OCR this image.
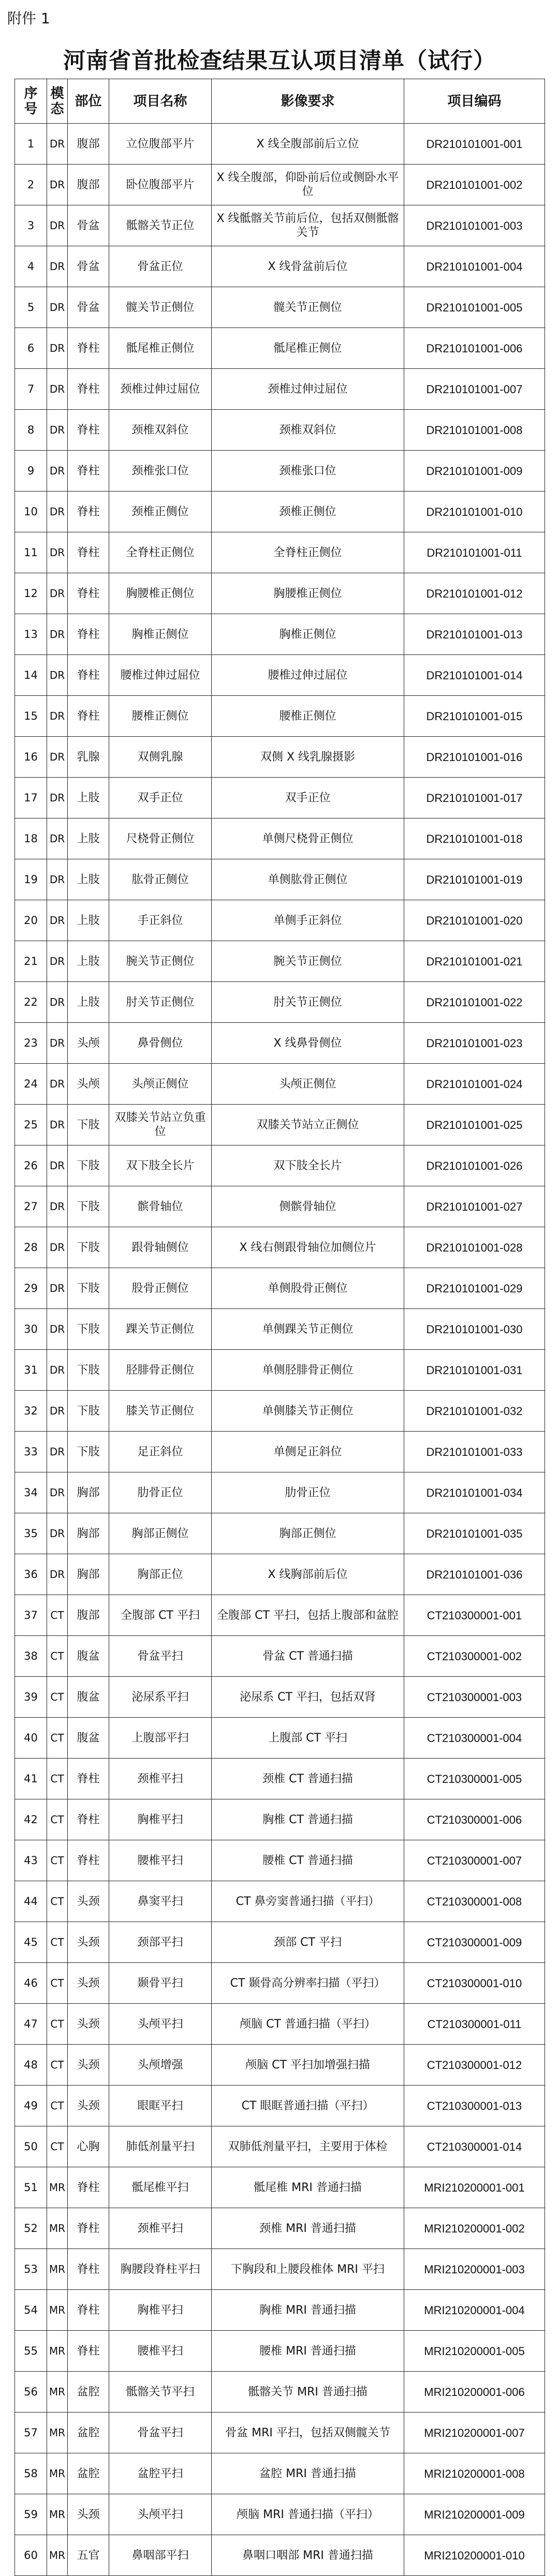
附件 1
河南省首批检查结果互认项目清单（试行）
序号	模态	部位	项目名称	影像要求	项目编码
1	DR	腹部	立位腹部平片	X 线全腹部前后立位	DR210101001-001
2	DR	腹部	卧位腹部平片	X 线全腹部，仰卧前后位或侧卧水平位	DR210101001-002
3	DR	骨盆	骶髂关节正位	X 线骶髂关节前后位，包括双侧骶髂关节	DR210101001-003
4	DR	骨盆	骨盆正位	X 线骨盆前后位	DR210101001-004
5	DR	骨盆	髋关节正侧位	髋关节正侧位	DR210101001-005
6	DR	脊柱	骶尾椎正侧位	骶尾椎正侧位	DR210101001-006
7	DR	脊柱	颈椎过伸过屈位	颈椎过伸过屈位	DR210101001-007
8	DR	脊柱	颈椎双斜位	颈椎双斜位	DR210101001-008
9	DR	脊柱	颈椎张口位	颈椎张口位	DR210101001-009
10	DR	脊柱	颈椎正侧位	颈椎正侧位	DR210101001-010
11	DR	脊柱	全脊柱正侧位	全脊柱正侧位	DR210101001-011
12	DR	脊柱	胸腰椎正侧位	胸腰椎正侧位	DR210101001-012
13	DR	脊柱	胸椎正侧位	胸椎正侧位	DR210101001-013
14	DR	脊柱	腰椎过伸过屈位	腰椎过伸过屈位	DR210101001-014
15	DR	脊柱	腰椎正侧位	腰椎正侧位	DR210101001-015
16	DR	乳腺	双侧乳腺	双侧 X 线乳腺摄影	DR210101001-016
17	DR	上肢	双手正位	双手正位	DR210101001-017
18	DR	上肢	尺桡骨正侧位	单侧尺桡骨正侧位	DR210101001-018
19	DR	上肢	肱骨正侧位	单侧肱骨正侧位	DR210101001-019
20	DR	上肢	手正斜位	单侧手正斜位	DR210101001-020
21	DR	上肢	腕关节正侧位	腕关节正侧位	DR210101001-021
22	DR	上肢	肘关节正侧位	肘关节正侧位	DR210101001-022
23	DR	头颅	鼻骨侧位	X 线鼻骨侧位	DR210101001-023
24	DR	头颅	头颅正侧位	头颅正侧位	DR210101001-024
25	DR	下肢	双膝关节站立负重位	双膝关节站立正侧位	DR210101001-025
26	DR	下肢	双下肢全长片	双下肢全长片	DR210101001-026
27	DR	下肢	髌骨轴位	侧髌骨轴位	DR210101001-027
28	DR	下肢	跟骨轴侧位	X 线右侧跟骨轴位加侧位片	DR210101001-028
29	DR	下肢	股骨正侧位	单侧股骨正侧位	DR210101001-029
30	DR	下肢	踝关节正侧位	单侧踝关节正侧位	DR210101001-030
31	DR	下肢	胫腓骨正侧位	单侧胫腓骨正侧位	DR210101001-031
32	DR	下肢	膝关节正侧位	单侧膝关节正侧位	DR210101001-032
33	DR	下肢	足正斜位	单侧足正斜位	DR210101001-033
34	DR	胸部	肋骨正位	肋骨正位	DR210101001-034
35	DR	胸部	胸部正侧位	胸部正侧位	DR210101001-035
36	DR	胸部	胸部正位	X 线胸部前后位	DR210101001-036
37	CT	腹部	全腹部 CT 平扫	全腹部 CT 平扫，包括上腹部和盆腔	CT210300001-001
38	CT	腹盆	骨盆平扫	骨盆 CT 普通扫描	CT210300001-002
39	CT	腹盆	泌尿系平扫	泌尿系 CT 平扫，包括双肾	CT210300001-003
40	CT	腹盆	上腹部平扫	上腹部 CT 平扫	CT210300001-004
41	CT	脊柱	颈椎平扫	颈椎 CT 普通扫描	CT210300001-005
42	CT	脊柱	胸椎平扫	胸椎 CT 普通扫描	CT210300001-006
43	CT	脊柱	腰椎平扫	腰椎 CT 普通扫描	CT210300001-007
44	CT	头颈	鼻窦平扫	CT 鼻旁窦普通扫描（平扫）	CT210300001-008
45	CT	头颈	颈部平扫	颈部 CT 平扫	CT210300001-009
46	CT	头颈	颞骨平扫	CT 颞骨高分辨率扫描（平扫）	CT210300001-010
47	CT	头颈	头颅平扫	颅脑 CT 普通扫描（平扫）	CT210300001-011
48	CT	头颈	头颅增强	颅脑 CT 平扫加增强扫描	CT210300001-012
49	CT	头颈	眼眶平扫	CT 眼眶普通扫描（平扫）	CT210300001-013
50	CT	心胸	肺低剂量平扫	双肺低剂量平扫，主要用于体检	CT210300001-014
51	MR	脊柱	骶尾椎平扫	骶尾椎 MRI 普通扫描	MRI210200001-001
52	MR	脊柱	颈椎平扫	颈椎 MRI 普通扫描	MRI210200001-002
53	MR	脊柱	胸腰段脊柱平扫	下胸段和上腰段椎体 MRI 平扫	MRI210200001-003
54	MR	脊柱	胸椎平扫	胸椎 MRI 普通扫描	MRI210200001-004
55	MR	脊柱	腰椎平扫	腰椎 MRI 普通扫描	MRI210200001-005
56	MR	盆腔	骶髂关节平扫	骶髂关节 MRI 普通扫描	MRI210200001-006
57	MR	盆腔	骨盆平扫	骨盆 MRI 平扫，包括双侧髋关节	MRI210200001-007
58	MR	盆腔	盆腔平扫	盆腔 MRI 普通扫描	MRI210200001-008
59	MR	头颈	头颅平扫	颅脑 MRI 普通扫描（平扫）	MRI210200001-009
60	MR	五官	鼻咽部平扫	鼻咽口咽部 MRI 普通扫描	MRI210200001-010
